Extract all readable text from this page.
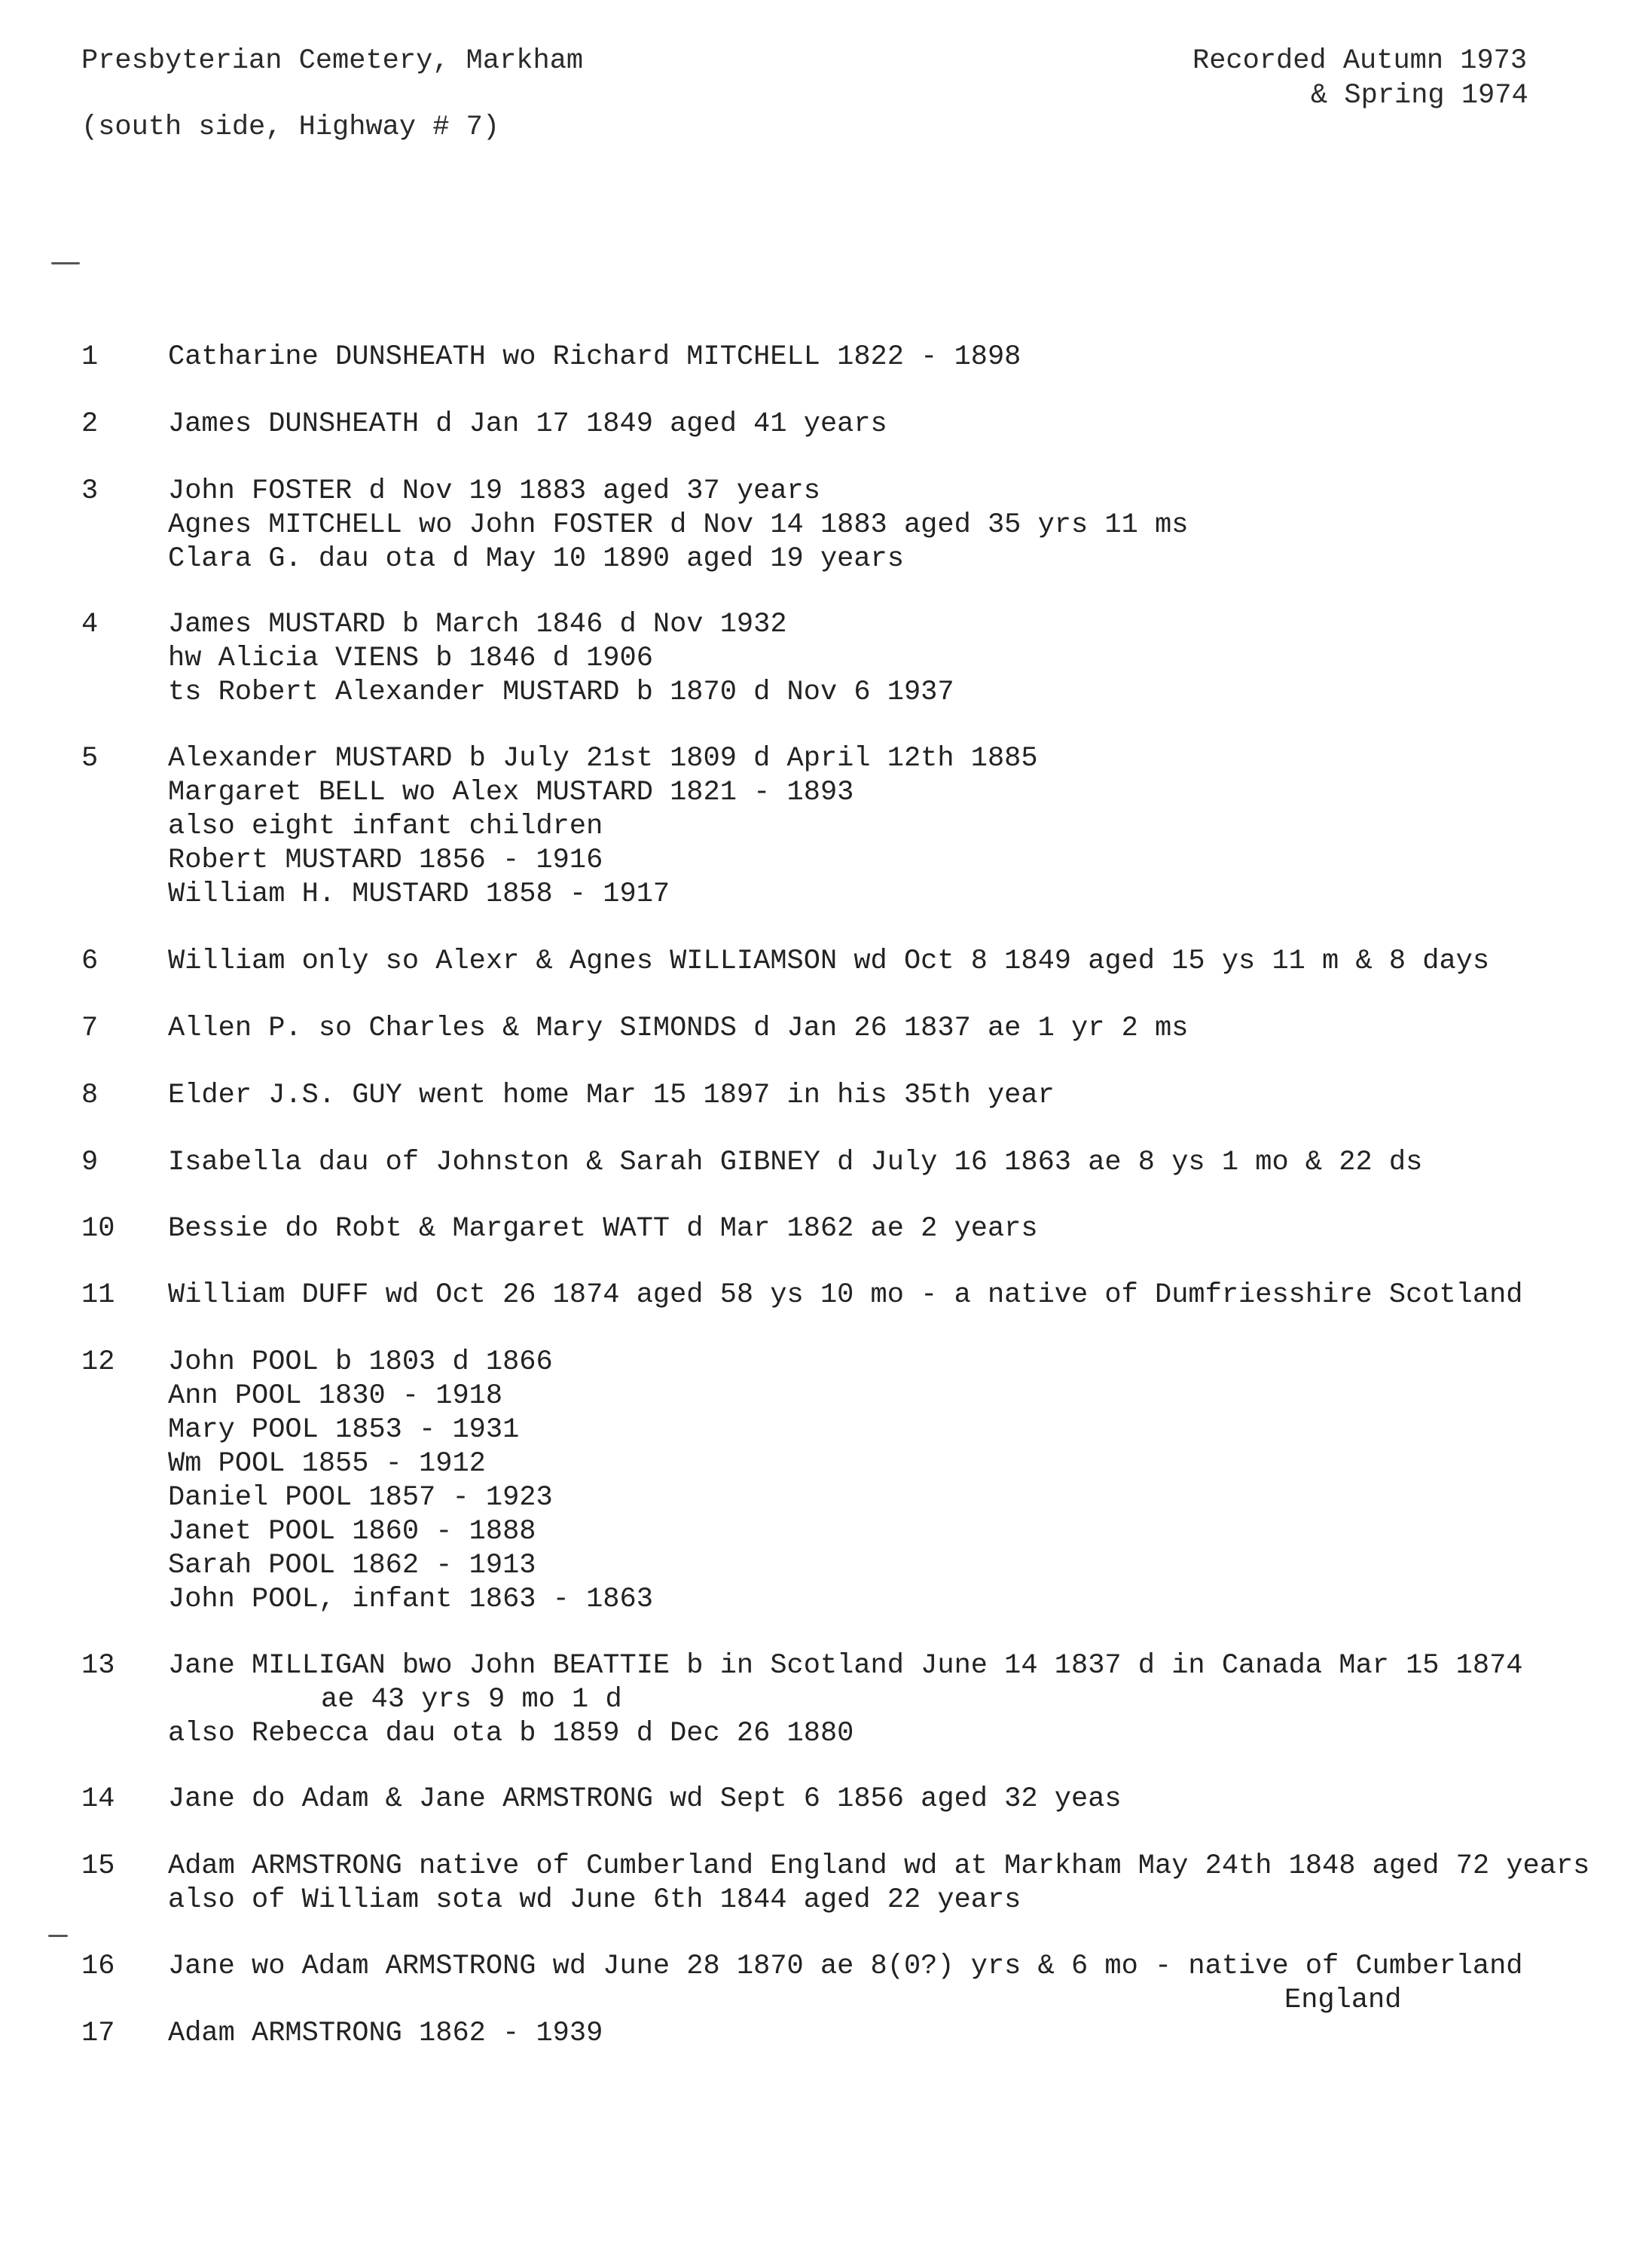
Presbyterian Cemetery, Markham
(south side, Highway # 7)
Recorded Autumn 1973
& Spring 1974
1	Catharine DUNSHEATH wo Richard MITCHELL 1822 - 1898
2	James DUNSHEATH d Jan 17 1849 aged 41 years
3	John FOSTER d Nov 19 1883 aged 37 years
Agnes MITCHELL wo John FOSTER d Nov 14 1883 aged 35 yrs 11 ms
Clara G. dau ota d May 10 1890 aged 19 years
4	James MUSTARD b March 1846 d Nov 1932
hw Alicia VIENS b 1846 d 1906
ts Robert Alexander MUSTARD b 1870 d Nov 6 1937
5	Alexander MUSTARD b July 21st 1809 d April 12th 1885
Margaret BELL wo Alex MUSTARD 1821 - 1893
also eight infant children
Robert MUSTARD 1856 - 1916
William H. MUSTARD 1858 - 1917
6	William only so Alexr & Agnes WILLIAMSON wd Oct 8 1849 aged 15 ys 11 m & 8 days
7	Allen P. so Charles & Mary SIMONDS d Jan 26 1837 ae 1 yr 2 ms
8	Elder J.S. GUY went home Mar 15 1897 in his 35th year
9	Isabella dau of Johnston & Sarah GIBNEY d July 16 1863 ae 8 ys 1 mo & 22 ds
10 Bessie do Robt & Margaret WATT d Mar 1862 ae 2 years
11 William DUFF wd Oct 26 1874 aged 58 ys 10 mo - a native of Dumfriesshire Scotland
12 John POOL b 1803 d 1866
Ann POOL 1830 - 1918
Mary POOL 1853 - 1931
Wm POOL 1855 - 1912
Daniel POOL 1857 - 1923
Janet POOL 1860 - 1888
Sarah POOL 1862 - 1913
John POOL, infant 1863 - 1863
13 Jane MILLIGAN bwo John BEATTIE b in Scotland June 14 1837 d in Canada Mar 15 1874
ae 43 yrs 9 mo 1 d
also Rebecca dau ota b 1859 d Dec 26 1880
14 Jane do Adam & Jane ARMSTRONG wd Sept 6 1856 aged 32 yeas
15 Adam ARMSTRONG native of Cumberland England wd at Markham May 24th 1848 aged 72 years
also of William sota wd June 6th 1844 aged 22 years
16 Jane wo Adam ARMSTRONG wd June 28 1870 ae 8(0?) yrs & 6 mo - native of Cumberland
England
17 Adam ARMSTRONG 1862 - 1939
